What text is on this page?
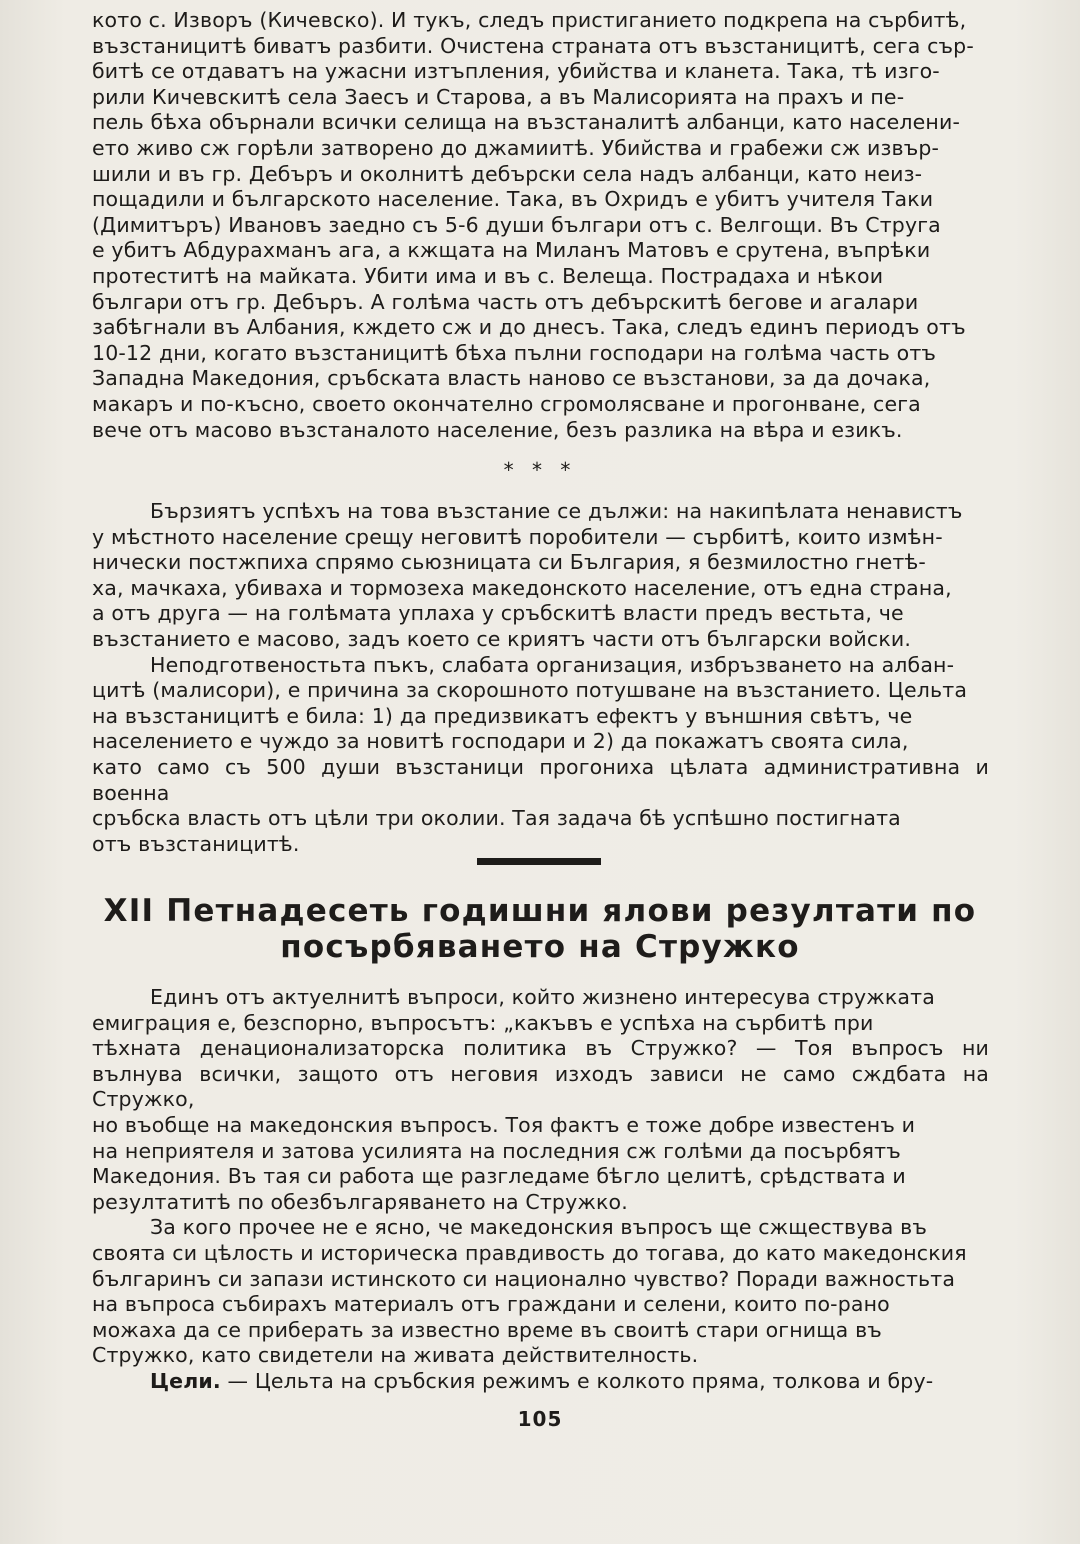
кото с. Изворъ (Кичевско). И тукъ, следъ пристиганието подкрепа на сърбитѣ,

възстаницитѣ биватъ разбити. Очистена страната отъ възстаницитѣ, сега сър-

битѣ се отдаватъ на ужасни изтъпления, убийства и кланета. Така, тѣ изго-

рили Кичевскитѣ села Заесъ и Старова, а въ Малисорията на прахъ и пе-

пель бѣха обърнали всички селища на възстаналитѣ албанци, като населени-

ето живо сж горѣли затворено до джамиитѣ. Убийства и грабежи сж извър-

шили и въ гр. Дебъръ и околнитѣ дебърски села надъ албанци, като неиз-

пощадили и българското население. Така, въ Охридъ е убитъ учителя Таки

(Димитъръ) Ивановъ заедно съ 5-6 души българи отъ с. Велгощи. Въ Струга

е убитъ Абдурахманъ ага, а кжщата на Миланъ Матовъ е срутена, въпрѣки

протеститѣ на майката. Убити има и въ с. Велеща. Пострадаха и нѣкои

българи отъ гр. Дебъръ. А голѣма часть отъ дебърскитѣ бегове и агалари

забѣгнали въ Албания, кждето сж и до днесъ. Така, следъ единъ периодъ отъ

10-12 дни, когато възстаницитѣ бѣха пълни господари на голѣма часть отъ

Западна Македония, сръбската власть наново се възстанови, за да дочака,

макаръ и по-късно, своето окончателно сгромолясване и прогонване, сега

вече отъ масово възстаналото население, безъ разлика на вѣра и езикъ.

* * *

Бързиятъ успѣхъ на това възстание се дължи: на накипѣлата ненавистъ

у мѣстното население срещу неговитѣ поробители — сърбитѣ, които измѣн-

нически постжпиха спрямо сьюзницата си България, я безмилостно гнетѣ-

ха, мачкаха, убиваха и тормозеха македонското население, отъ една страна,

а отъ друга — на голѣмата уплаха у сръбскитѣ власти предъ вестьта, че

възстанието е масово, задъ което се криятъ части отъ български войски.

Неподготвеностьта пъкъ, слабата организация, избръзването на албан-

цитѣ (малисори), е причина за скорошното потушване на възстанието. Цельта

на възстаницитѣ е била: 1) да предизвикатъ ефектъ у външния свѣтъ, че

населението е чуждо за новитѣ господари и 2) да покажатъ своята сила,

като само съ 500 души възстаници прогониха цѣлата административна и военна

сръбска власть отъ цѣли три околии. Тая задача бѣ успѣшно постигната

отъ възстаницитѣ.

XII Петнадесеть годишни ялови резултати по
посърбяването на Стружко

Единъ отъ актуелнитѣ въпроси, който жизнено интересува стружката

емиграция е, безспорно, въпросътъ: „какъвъ е успѣха на сърбитѣ при

тѣхната денационализаторска политика въ Стружко? — Тоя въпросъ ни вълнува всички, защото отъ неговия изходъ зависи не само сждбата на Стружко,

но въобще на македонския въпросъ. Тоя фактъ е тоже добре известенъ и

на неприятеля и затова усилията на последния сж голѣми да посърбятъ

Македония. Въ тая си работа ще разгледаме бѣгло целитѣ, срѣдствата и

резултатитѣ по обезбългаряването на Стружко.

За кого прочее не е ясно, че македонския въпросъ ще сжществува въ

своята си цѣлость и историческа правдивость до тогава, до като македонския

българинъ си запази истинското си национално чувство? Поради важностьта

на въпроса събирахъ материалъ отъ граждани и селени, които по-рано

можаха да се приберать за известно време въ своитѣ стари огнища въ

Стружко, като свидетели на живата действителность.

Цели. — Цельта на сръбския режимъ е колкото пряма, толкова и бру-

105
